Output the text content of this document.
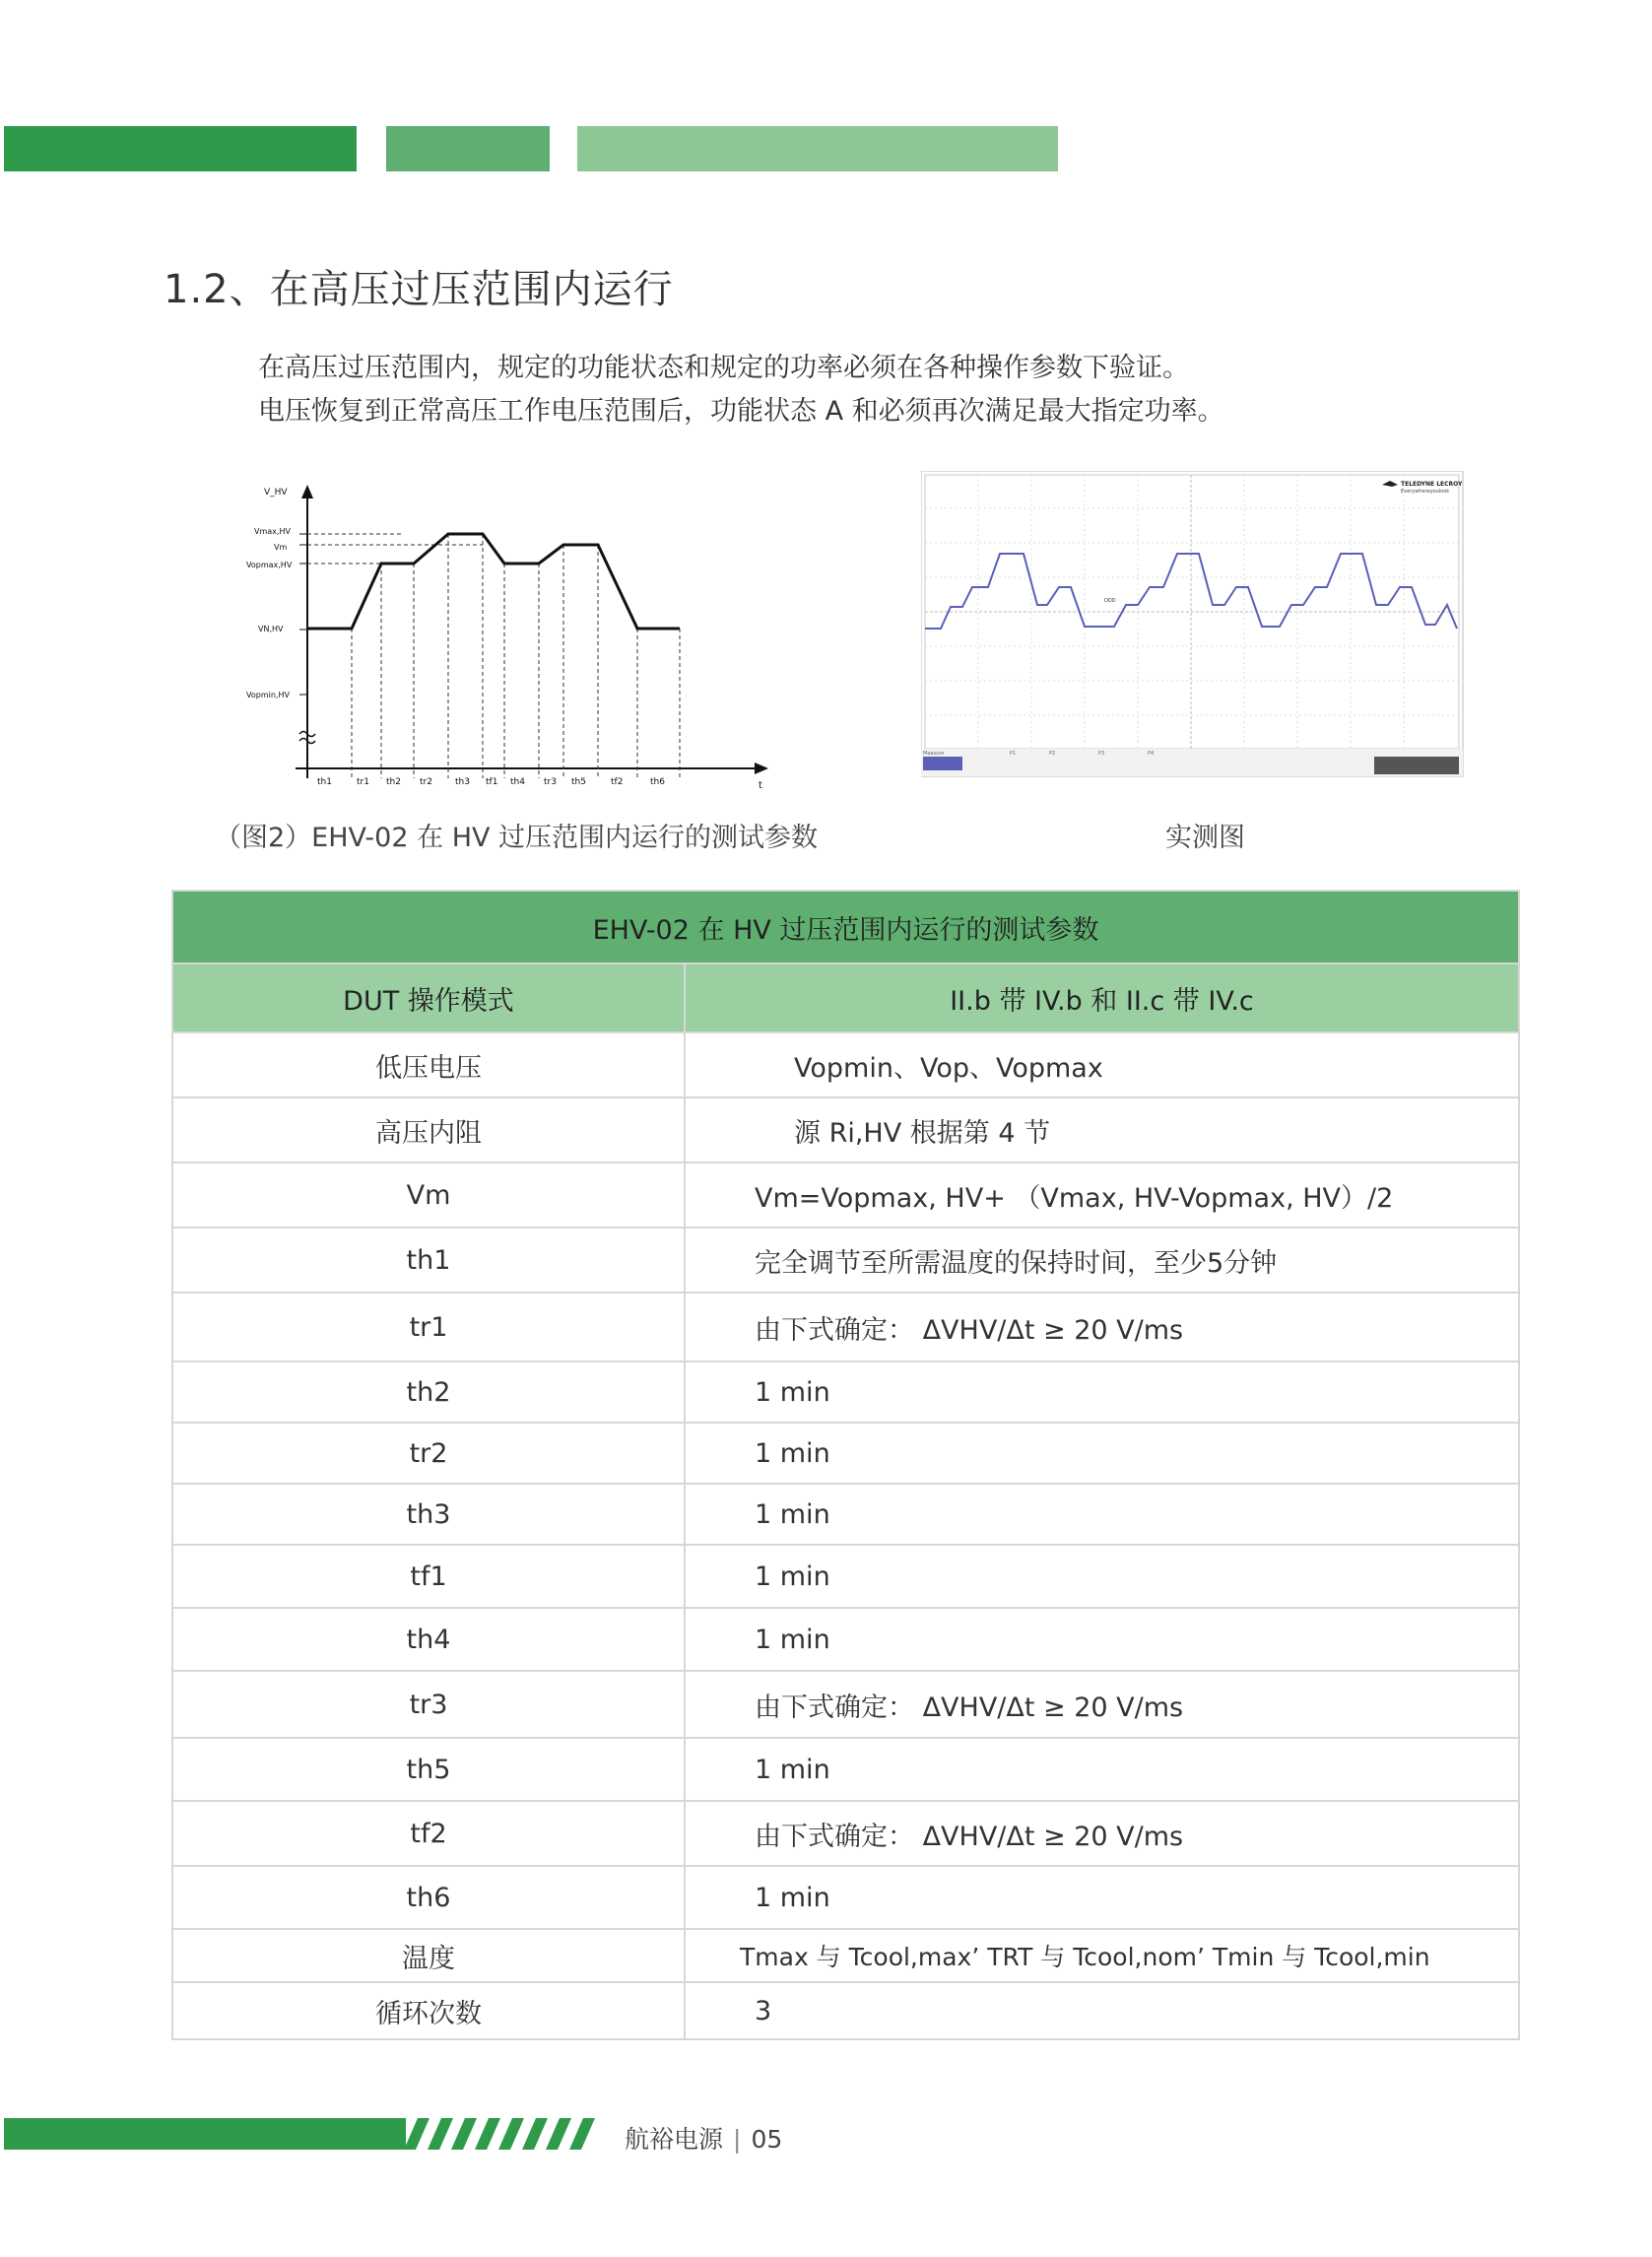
1.2、在高压过压范围内运行
在高压过压范围内，规定的功能状态和规定的功率必须在各种操作参数下验证。
电压恢复到正常高压工作电压范围后，功能状态 A 和必须再次满足最大指定功率。
V_HV
Vmax,HV
Vm
Vopmax,HV
VN,HV
Vopmin,HV
th1	tr1 th2 tr2	th3 tf1 th4 tr3 th5	tf2	th6	t
DDD
TELEDYNE LECROY
Everywhereyoulook
Measure	P1	P2	P3	P4
（图2）EHV-02 在 HV 过压范围内运行的测试参数	实测图
EHV-02 在 HV 过压范围内运行的测试参数	
DUT 操作模式	II.b 带 IV.b 和 II.c 带 IV.c
低压电压	Vopmin、Vop、Vopmax
高压内阻	源 Ri,HV 根据第 4 节
Vm	Vm=Vopmax, HV+ （Vmax, HV-Vopmax, HV）/2
th1	完全调节至所需温度的保持时间，至少5分钟
tr1	由下式确定： ΔVHV/Δt ≥ 20 V/ms
th2	1 min
tr2	1 min
th3	1 min
tf1	1 min
th4	1 min
tr3	由下式确定： ΔVHV/Δt ≥ 20 V/ms
th5	1 min
tf2	由下式确定： ΔVHV/Δt ≥ 20 V/ms
th6	1 min
温度	Tmax 与 Tcool,max’ TRT 与 Tcool,nom’ Tmin 与 Tcool,min
循环次数	3
航裕电源 | 05
